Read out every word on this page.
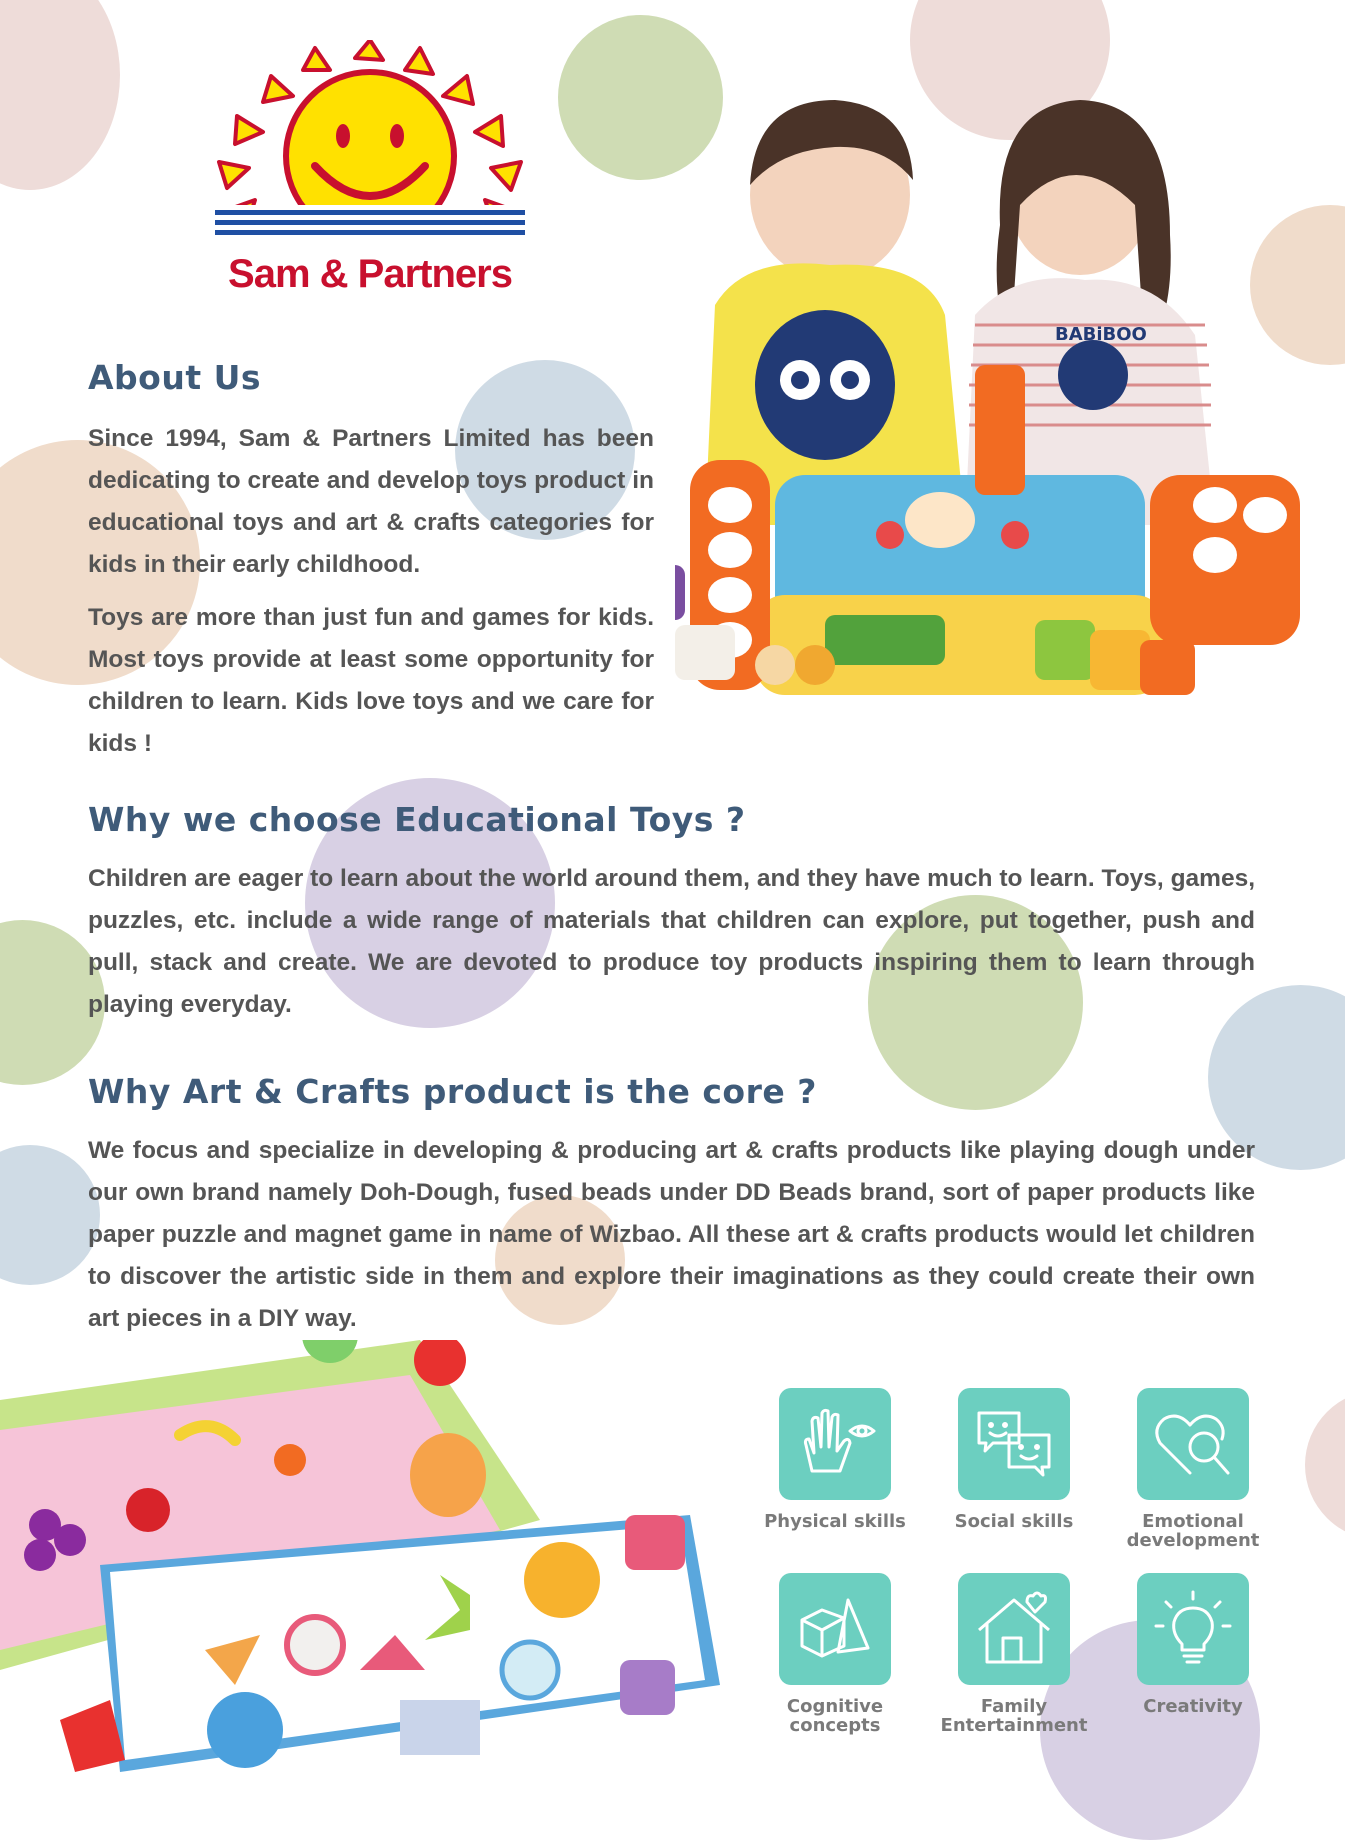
Sam & Partners
BABiBOO
About Us

Since 1994, Sam & Partners Limited has been dedicating to create and develop toys product in educational toys and art & crafts categories for kids in their early childhood.

Toys are more than just fun and games for kids. Most toys provide at least some opportunity for children to learn. Kids love toys and we care for kids !

Why we choose Educational Toys ?

Children are eager to learn about the world around them, and they have much to learn. Toys, games, puzzles, etc. include a wide range of materials that children can explore, put together, push and pull, stack and create. We are devoted to produce toy products inspiring them to learn through playing everyday.

Why Art & Crafts product is the core ?

We focus and specialize in developing & producing art & crafts products like playing dough under our own brand namely Doh-Dough, fused beads under DD Beads brand, sort of paper products like paper puzzle and magnet game in name of Wizbao. All these art & crafts products would let children to discover the artistic side in them and explore their imaginations as they could create their own art pieces in a DIY way.

Physical skills	Social skills	Emotional development
Cognitive concepts
Family Entertainment
Creativity
